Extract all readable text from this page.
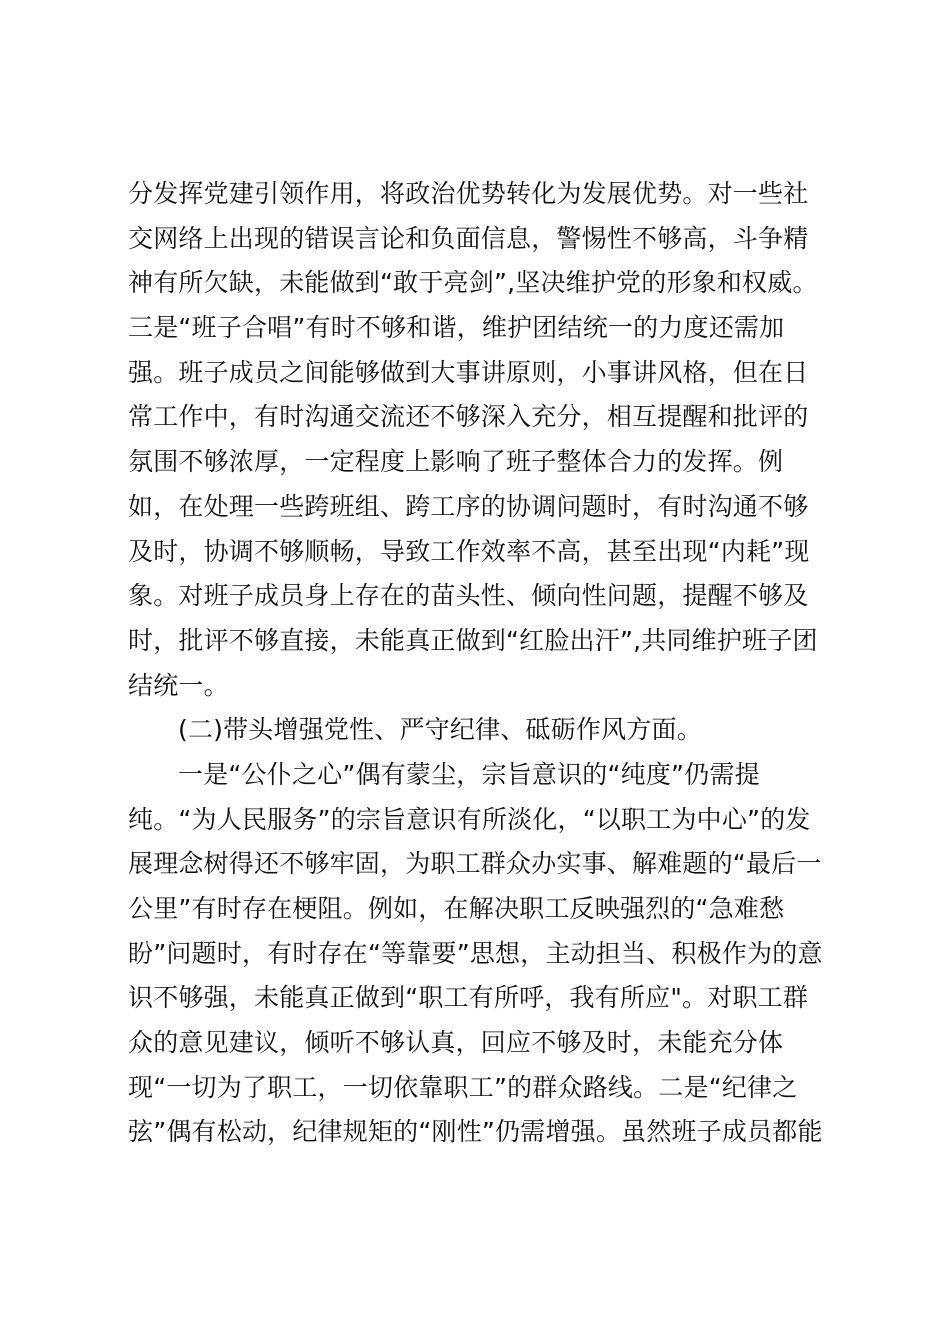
分发挥党建引领作用，将政治优势转化为发展优势。对一些社
交网络上出现的错误言论和负面信息，警惕性不够高，斗争精
神有所欠缺，未能做到“敢于亮剑”,坚决维护党的形象和权威。
三是“班子合唱”有时不够和谐，维护团结统一的力度还需加
强。班子成员之间能够做到大事讲原则，小事讲风格，但在日
常工作中，有时沟通交流还不够深入充分，相互提醒和批评的
氛围不够浓厚，一定程度上影响了班子整体合力的发挥。例
如，在处理一些跨班组、跨工序的协调问题时，有时沟通不够
及时，协调不够顺畅，导致工作效率不高，甚至出现“内耗”现
象。对班子成员身上存在的苗头性、倾向性问题，提醒不够及
时，批评不够直接，未能真正做到“红脸出汗”,共同维护班子团
结统一。
(二)带头增强党性、严守纪律、砥砺作风方面。
一是“公仆之心”偶有蒙尘，宗旨意识的“纯度”仍需提
纯。“为人民服务”的宗旨意识有所淡化，“以职工为中心”的发
展理念树得还不够牢固，为职工群众办实事、解难题的“最后一
公里”有时存在梗阻。例如，在解决职工反映强烈的“急难愁
盼”问题时，有时存在“等靠要”思想，主动担当、积极作为的意
识不够强，未能真正做到“职工有所呼，我有所应"。对职工群
众的意见建议，倾听不够认真，回应不够及时，未能充分体
现“一切为了职工，一切依靠职工”的群众路线。二是“纪律之
弦”偶有松动，纪律规矩的“刚性”仍需增强。虽然班子成员都能
